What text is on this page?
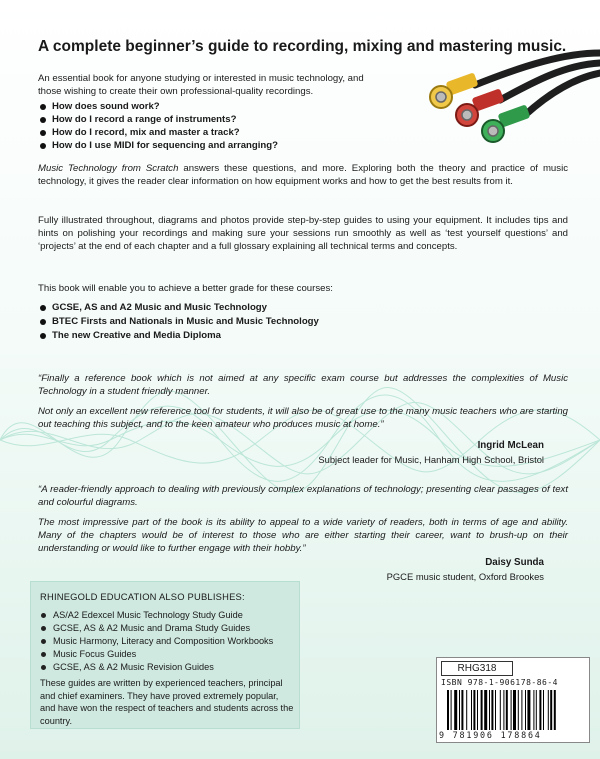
A complete beginner’s guide to recording, mixing and mastering music.

An essential book for anyone studying or interested in music technology, and those wishing to create their own professional-quality recordings.

How does sound work?
How do I record a range of instruments?
How do I record, mix and master a track?
How do I use MIDI for sequencing and arranging?

Music Technology from Scratch answers these questions, and more. Exploring both the theory and practice of music technology, it gives the reader clear information on how equipment works and how to get the best results from it.

Fully illustrated throughout, diagrams and photos provide step-by-step guides to using your equipment. It includes tips and hints on polishing your recordings and making sure your sessions run smoothly as well as ‘test yourself questions’ and ‘projects’ at the end of each chapter and a full glossary explaining all technical terms and concepts.

This book will enable you to achieve a better grade for these courses:

GCSE, AS and A2 Music and Music Technology
BTEC Firsts and Nationals in Music and Music Technology
The new Creative and Media Diploma

“Finally a reference book which is not aimed at any specific exam course but addresses the complexities of Music Technology in a student friendly manner.

Not only an excellent new reference tool for students, it will also be of great use to the many music teachers who are starting out teaching this subject, and to the keen amateur who produces music at home.”

Ingrid McLean
Subject leader for Music, Hanham High School, Bristol

“A reader-friendly approach to dealing with previously complex explanations of technology; presenting clear passages of text and colourful diagrams.

The most impressive part of the book is its ability to appeal to a wide variety of readers, both in terms of age and ability. Many of the chapters would be of interest to those who are either starting their career, want to brush-up on their understanding or would like to further engage with their hobby.”

Daisy Sunda
PGCE music student, Oxford Brookes

RHINEGOLD EDUCATION ALSO PUBLISHES:

AS/A2 Edexcel Music Technology Study Guide
GCSE, AS & A2 Music and Drama Study Guides
Music Harmony, Literacy and Composition Workbooks
Music Focus Guides
GCSE, AS & A2 Music Revision Guides

These guides are written by experienced teachers, principal and chief examiners. They have proved extremely popular, and have won the respect of teachers and students across the country.

RHG318
ISBN 978-1-906178-86-4
9 781906 178864
